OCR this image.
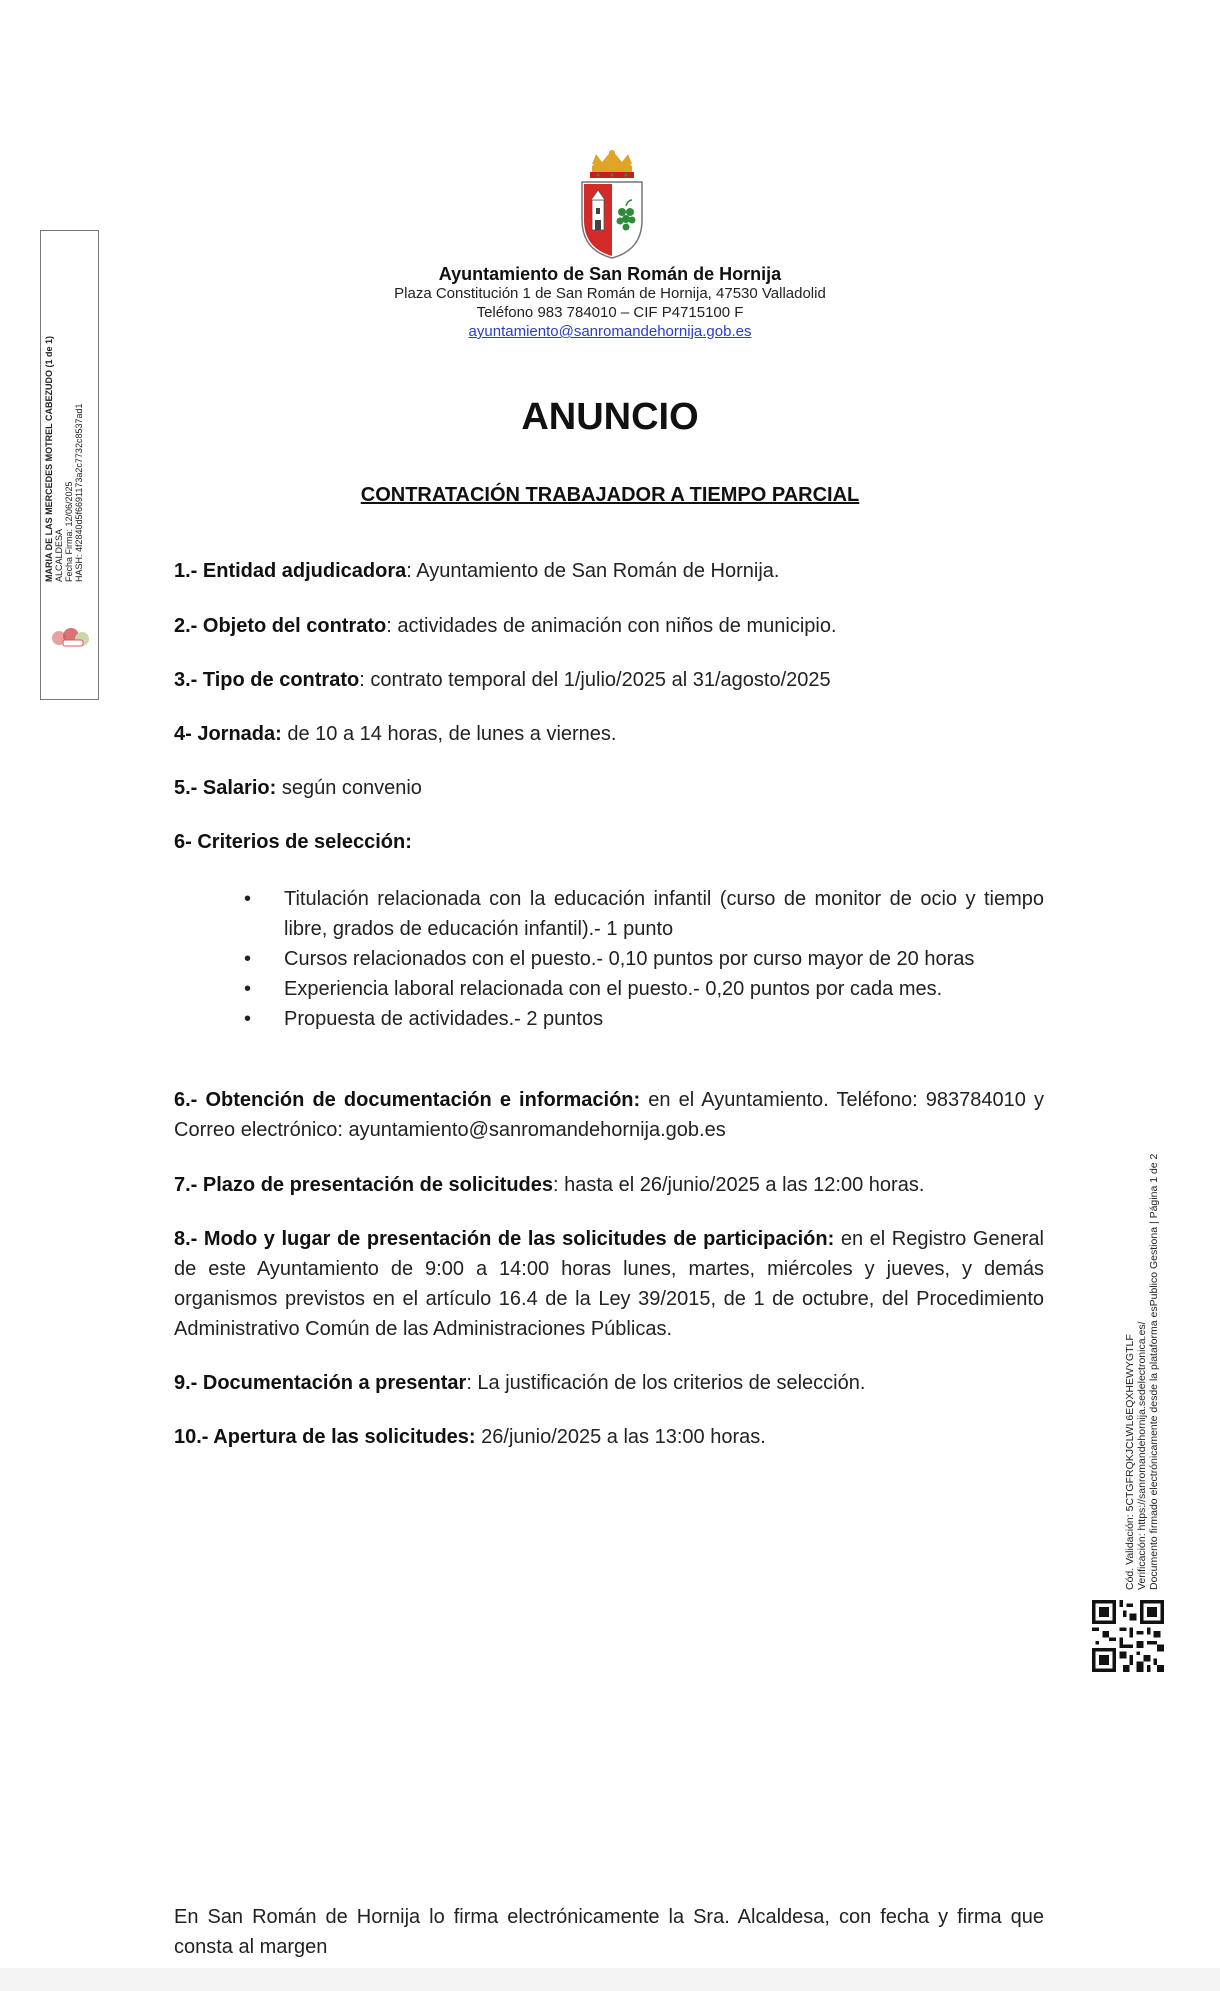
Ayuntamiento de San Román de Hornija
Plaza Constitución 1 de San Román de Hornija, 47530 Valladolid
Teléfono 983 784010 – CIF P4715100 F
ayuntamiento@sanromandehornija.gob.es
ANUNCIO
CONTRATACIÓN TRABAJADOR A TIEMPO PARCIAL
1.- Entidad adjudicadora: Ayuntamiento de San Román de Hornija.
2.- Objeto del contrato: actividades de animación con niños de municipio.
3.- Tipo de contrato: contrato temporal del 1/julio/2025 al 31/agosto/2025
4- Jornada: de 10 a 14 horas, de lunes a viernes.
5.- Salario: según convenio
6- Criterios de selección:
• Titulación relacionada con la educación infantil (curso de monitor de ocio y tiempo libre, grados de educación infantil).- 1 punto
• Cursos relacionados con el puesto.- 0,10 puntos por curso mayor de 20 horas
• Experiencia laboral relacionada con el puesto.- 0,20 puntos por cada mes.
• Propuesta de actividades.- 2 puntos
6.- Obtención de documentación e información: en el Ayuntamiento. Teléfono: 983784010 y Correo electrónico: ayuntamiento@sanromandehornija.gob.es
7.- Plazo de presentación de solicitudes: hasta el 26/junio/2025 a las 12:00 horas.
8.- Modo y lugar de presentación de las solicitudes de participación: en el Registro General de este Ayuntamiento de 9:00 a 14:00 horas lunes, martes, miércoles y jueves, y demás organismos previstos en el artículo 16.4 de la Ley 39/2015, de 1 de octubre, del Procedimiento Administrativo Común de las Administraciones Públicas.
9.- Documentación a presentar: La justificación de los criterios de selección.
10.- Apertura de las solicitudes: 26/junio/2025 a las 13:00 horas.
En San Román de Hornija lo firma electrónicamente la Sra. Alcaldesa, con fecha y firma que consta al margen
MARIA DE LAS MERCEDES MOTREL CABEZUDO (1 de 1) ALCALDESA Fecha Firma: 12/06/2025 HASH: 4f2840d5f6691173a2c7732c8537ad1
Cód. Validación: 5CTGFRQKJCLWL6EQXHEWYGTLF Verificación: https://sanromandehornija.sedelectronica.es/ Documento firmado electrónicamente desde la plataforma esPublico Gestiona | Página 1 de 2
